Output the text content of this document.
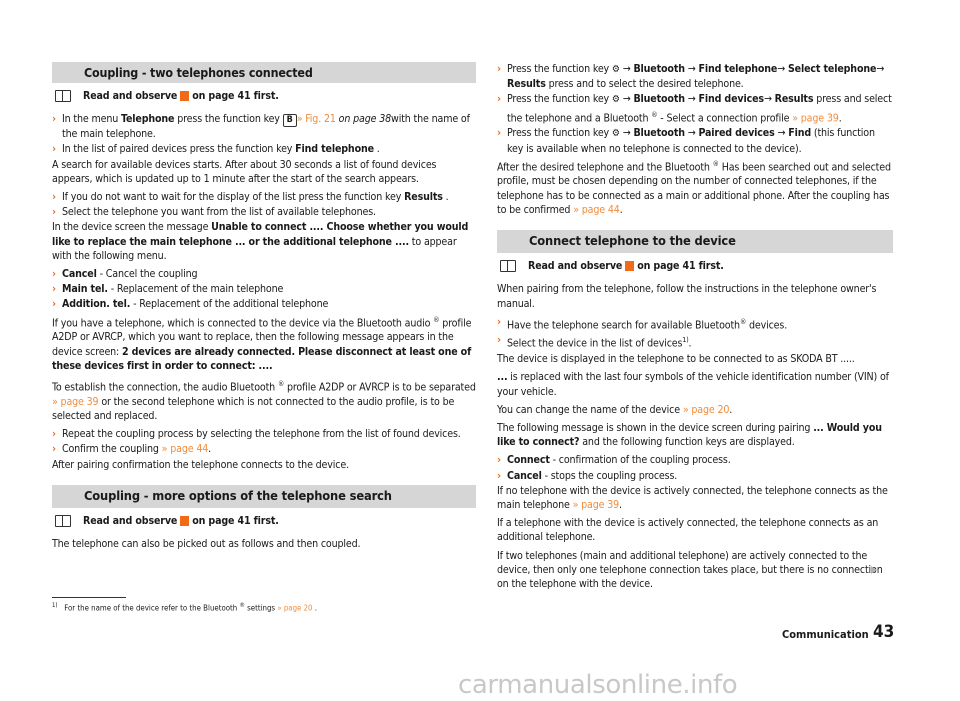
Coupling - two telephones connected
Read and observe on page 41 first.
› In the menu Telephone press the function key B » Fig. 21 on page 38with the name of the main telephone.
› In the list of paired devices press the function key Find telephone .
A search for available devices starts. After about 30 seconds a list of found devices appears, which is updated up to 1 minute after the start of the search appears.
› If you do not want to wait for the display of the list press the function key Results .
› Select the telephone you want from the list of available telephones.
In the device screen the message Unable to connect .... Choose whether you would like to replace the main telephone ... or the additional telephone .... to appear with the following menu.
› Cancel - Cancel the coupling
› Main tel. - Replacement of the main telephone
› Addition. tel. - Replacement of the additional telephone
If you have a telephone, which is connected to the device via the Bluetooth audio ® profile A2DP or AVRCP, which you want to replace, then the following message appears in the device screen: 2 devices are already connected. Please disconnect at least one of these devices first in order to connect: ....
To establish the connection, the audio Bluetooth ® profile A2DP or AVRCP is to be separated » page 39 or the second telephone which is not connected to the audio profile, is to be selected and replaced.
› Repeat the coupling process by selecting the telephone from the list of found devices.
› Confirm the coupling » page 44.
After pairing confirmation the telephone connects to the device.
Coupling - more options of the telephone search
Read and observe on page 41 first.
The telephone can also be picked out as follows and then coupled.
› Press the function key ⚙ → Bluetooth → Find telephone→ Select telephone→ Results press and to select the desired telephone.
› Press the function key ⚙ → Bluetooth → Find devices→ Results press and select the telephone and a Bluetooth ® - Select a connection profile » page 39.
› Press the function key ⚙ → Bluetooth → Paired devices → Find (this function key is available when no telephone is connected to the device).
After the desired telephone and the Bluetooth ® Has been searched out and selected profile, must be chosen depending on the number of connected telephones, if the telephone has to be connected as a main or additional phone. After the coupling has to be confirmed » page 44.
Connect telephone to the device
Read and observe on page 41 first.
When pairing from the telephone, follow the instructions in the telephone owner's manual.
› Have the telephone search for available Bluetooth® devices.
› Select the device in the list of devices$^{1)}$.
The device is displayed in the telephone to be connected to as SKODA BT .....
... is replaced with the last four symbols of the vehicle identification number (VIN) of your vehicle.
You can change the name of the device » page 20.
The following message is shown in the device screen during pairing ... Would you like to connect? and the following function keys are displayed.
› Connect - confirmation of the coupling process.
› Cancel - stops the coupling process.
If no telephone with the device is actively connected, the telephone connects as the main telephone » page 39.
If a telephone with the device is actively connected, the telephone connects as an additional telephone.
If two telephones (main and additional telephone) are actively connected to the device, then only one telephone connection takes place, but there is no connection on the telephone with the device.
$^{1)}$ For the name of the device refer to the Bluetooth ® settings » page 20 .
Communication 43
carmanualsonline.info
